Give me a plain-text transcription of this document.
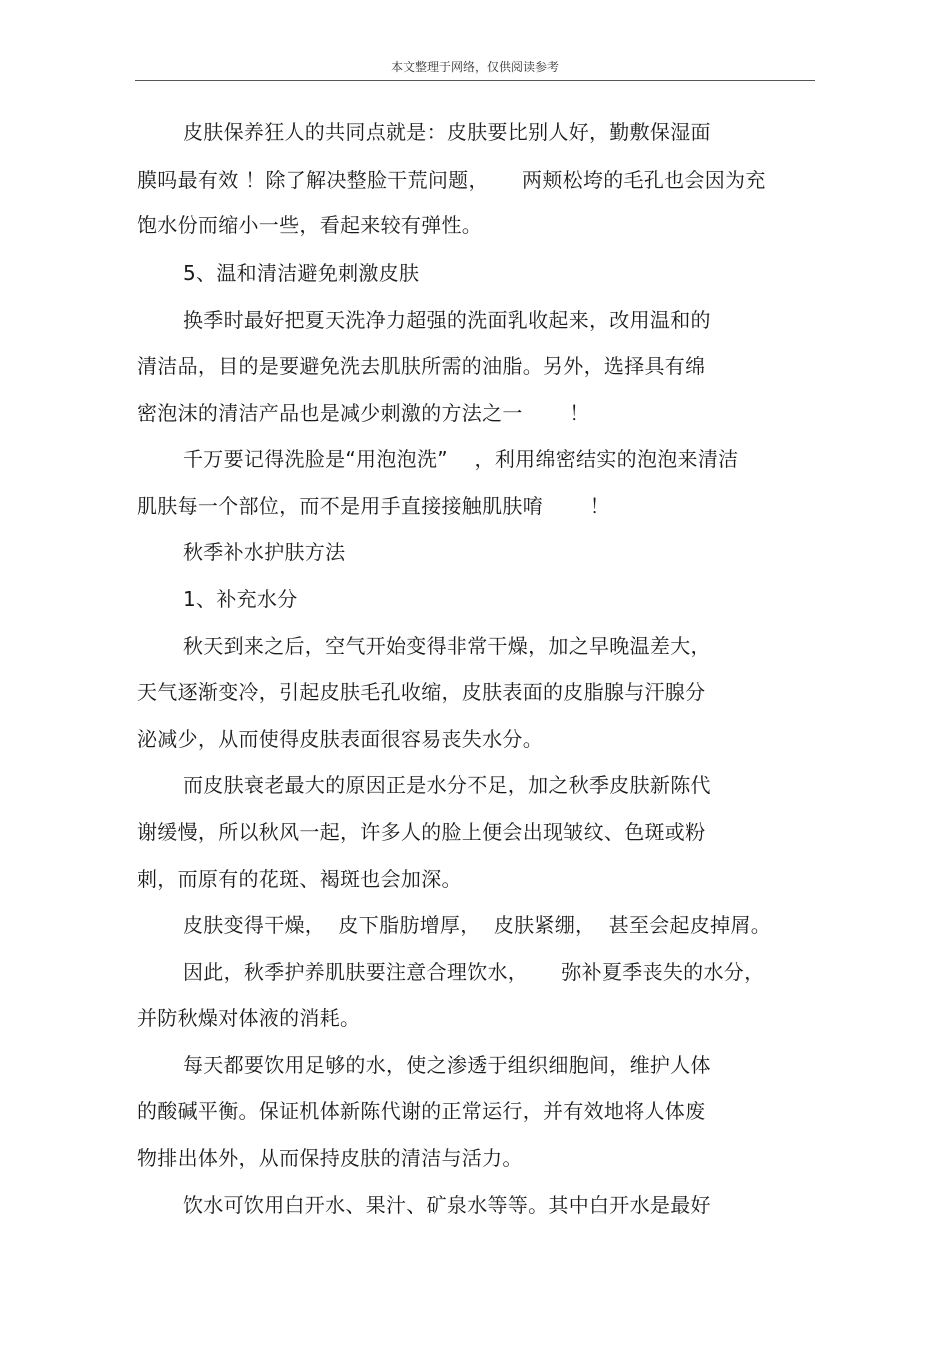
本文整理于网络，仅供阅读参考
皮肤保养狂人的共同点就是：皮肤要比别人好，勤敷保湿面
膜吗最有效 ！除了解决整脸干荒问题，     两颊松垮的毛孔也会因为充
饱水份而缩小一些，看起来较有弹性。
5、温和清洁避免刺激皮肤
换季时最好把夏天洗净力超强的洗面乳收起来，改用温和的
清洁品，目的是要避免洗去肌肤所需的油脂。另外，选择具有绵
密泡沫的清洁产品也是减少刺激的方法之一       ！
千万要记得洗脸是“用泡泡洗”    ，利用绵密结实的泡泡来清洁
肌肤每一个部位，而不是用手直接接触肌肤唷       ！
秋季补水护肤方法
1、补充水分
秋天到来之后，空气开始变得非常干燥，加之早晚温差大，
天气逐渐变冷，引起皮肤毛孔收缩，皮肤表面的皮脂腺与汗腺分
泌减少，从而使得皮肤表面很容易丧失水分。
而皮肤衰老最大的原因正是水分不足，加之秋季皮肤新陈代
谢缓慢，所以秋风一起，许多人的脸上便会出现皱纹、色斑或粉
刺，而原有的花斑、褐斑也会加深。
皮肤变得干燥，  皮下脂肪增厚，  皮肤紧绷，  甚至会起皮掉屑。
因此，秋季护养肌肤要注意合理饮水，     弥补夏季丧失的水分，
并防秋燥对体液的消耗。
每天都要饮用足够的水，使之渗透于组织细胞间，维护人体
的酸碱平衡。保证机体新陈代谢的正常运行，并有效地将人体废
物排出体外，从而保持皮肤的清洁与活力。
饮水可饮用白开水、果汁、矿泉水等等。其中白开水是最好
